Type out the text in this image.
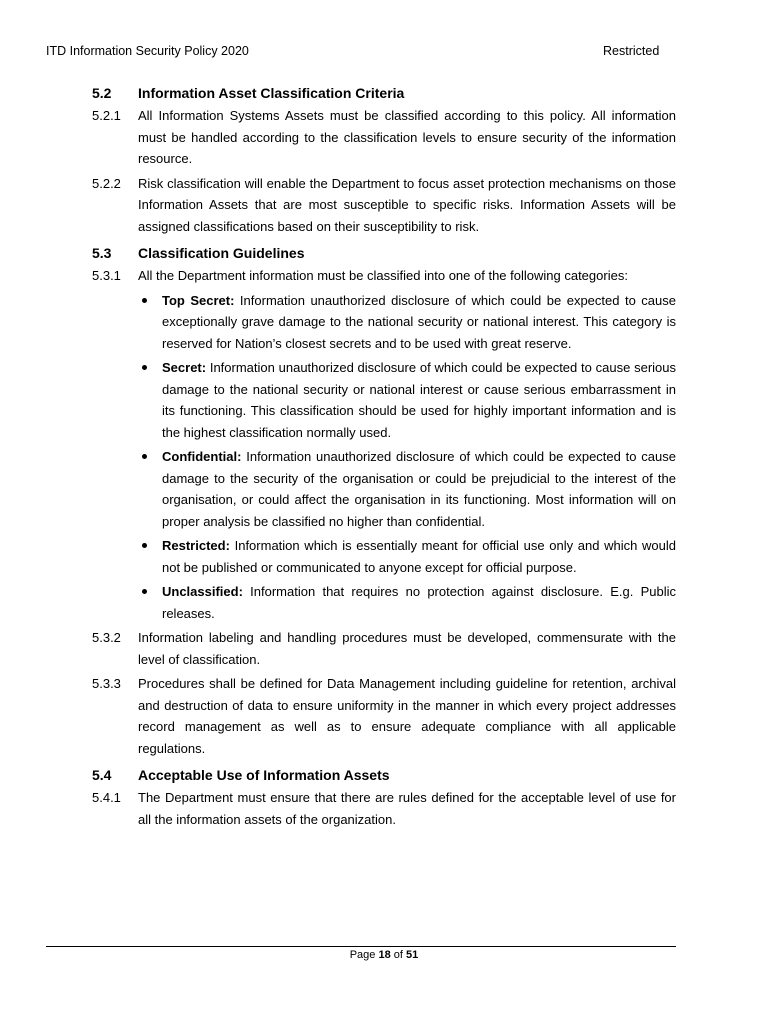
ITD Information Security Policy 2020	Restricted
5.2	Information Asset Classification Criteria
5.2.1	All Information Systems Assets must be classified according to this policy. All information must be handled according to the classification levels to ensure security of the information resource.
5.2.2	Risk classification will enable the Department to focus asset protection mechanisms on those Information Assets that are most susceptible to specific risks. Information Assets will be assigned classifications based on their susceptibility to risk.
5.3	Classification Guidelines
5.3.1	All the Department information must be classified into one of the following categories:
Top Secret: Information unauthorized disclosure of which could be expected to cause exceptionally grave damage to the national security or national interest. This category is reserved for Nation’s closest secrets and to be used with great reserve.
Secret: Information unauthorized disclosure of which could be expected to cause serious damage to the national security or national interest or cause serious embarrassment in its functioning. This classification should be used for highly important information and is the highest classification normally used.
Confidential: Information unauthorized disclosure of which could be expected to cause damage to the security of the organisation or could be prejudicial to the interest of the organisation, or could affect the organisation in its functioning. Most information will on proper analysis be classified no higher than confidential.
Restricted: Information which is essentially meant for official use only and which would not be published or communicated to anyone except for official purpose.
Unclassified: Information that requires no protection against disclosure. E.g. Public releases.
5.3.2	Information labeling and handling procedures must be developed, commensurate with the level of classification.
5.3.3	Procedures shall be defined for Data Management including guideline for retention, archival and destruction of data to ensure uniformity in the manner in which every project addresses record management as well as to ensure adequate compliance with all applicable regulations.
5.4	Acceptable Use of Information Assets
5.4.1	The Department must ensure that there are rules defined for the acceptable level of use for all the information assets of the organization.
Page 18 of 51
